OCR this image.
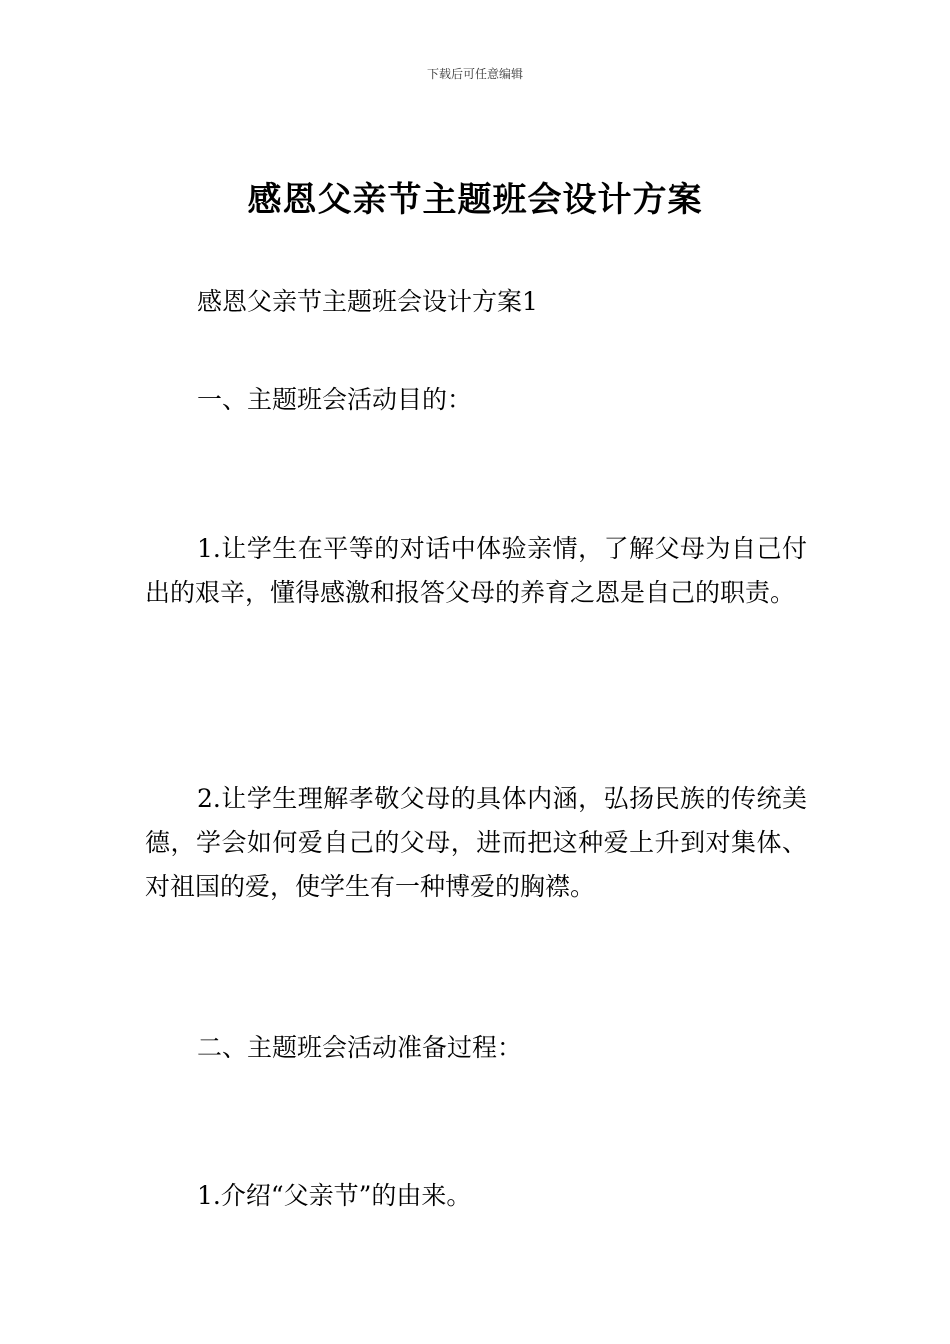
下载后可任意编辑
感恩父亲节主题班会设计方案

感恩父亲节主题班会设计方案1

一、主题班会活动目的：

1.让学生在平等的对话中体验亲情，了解父母为自己付出的艰辛，懂得感激和报答父母的养育之恩是自己的职责。

2.让学生理解孝敬父母的具体内涵，弘扬民族的传统美德，学会如何爱自己的父母，进而把这种爱上升到对集体、对祖国的爱，使学生有一种博爱的胸襟。

二、主题班会活动准备过程：

1.介绍“父亲节”的由来。
